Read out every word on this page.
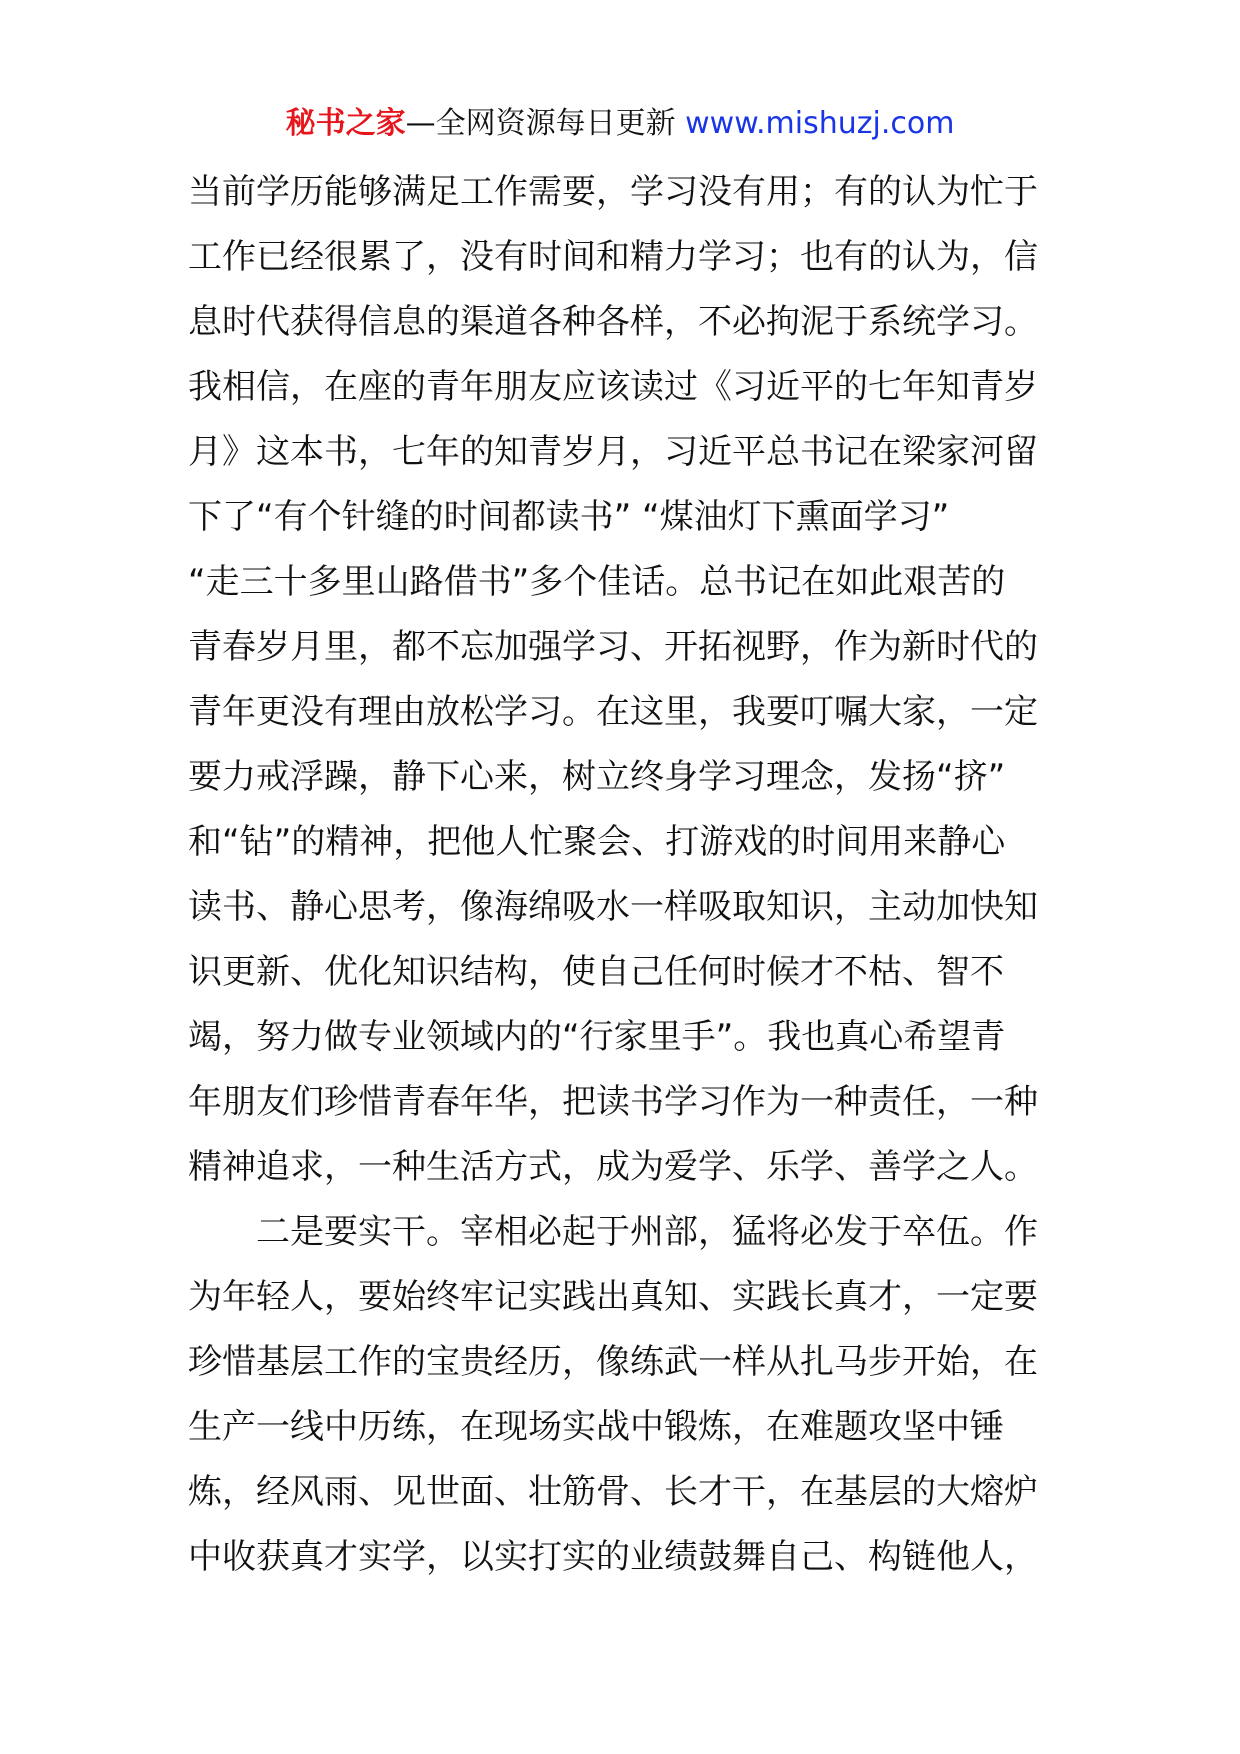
秘书之家—全网资源每日更新 www.mishuzj.com
当前学历能够满足工作需要，学习没有用；有的认为忙于
工作已经很累了，没有时间和精力学习；也有的认为，信
息时代获得信息的渠道各种各样，不必拘泥于系统学习。
我相信，在座的青年朋友应该读过《习近平的七年知青岁
月》这本书，七年的知青岁月，习近平总书记在梁家河留
下了“有个针缝的时间都读书” “煤油灯下熏面学习”
“走三十多里山路借书”多个佳话。总书记在如此艰苦的
青春岁月里，都不忘加强学习、开拓视野，作为新时代的
青年更没有理由放松学习。在这里，我要叮嘱大家，一定
要力戒浮躁，静下心来，树立终身学习理念，发扬“挤”
和“钻”的精神，把他人忙聚会、打游戏的时间用来静心
读书、静心思考，像海绵吸水一样吸取知识，主动加快知
识更新、优化知识结构，使自己任何时候才不枯、智不
竭，努力做专业领域内的“行家里手”。我也真心希望青
年朋友们珍惜青春年华，把读书学习作为一种责任，一种
精神追求，一种生活方式，成为爱学、乐学、善学之人。
二是要实干。宰相必起于州部，猛将必发于卒伍。作
为年轻人，要始终牢记实践出真知、实践长真才，一定要
珍惜基层工作的宝贵经历，像练武一样从扎马步开始，在
生产一线中历练，在现场实战中锻炼，在难题攻坚中锤
炼，经风雨、见世面、壮筋骨、长才干，在基层的大熔炉
中收获真才实学，以实打实的业绩鼓舞自己、构链他人，
